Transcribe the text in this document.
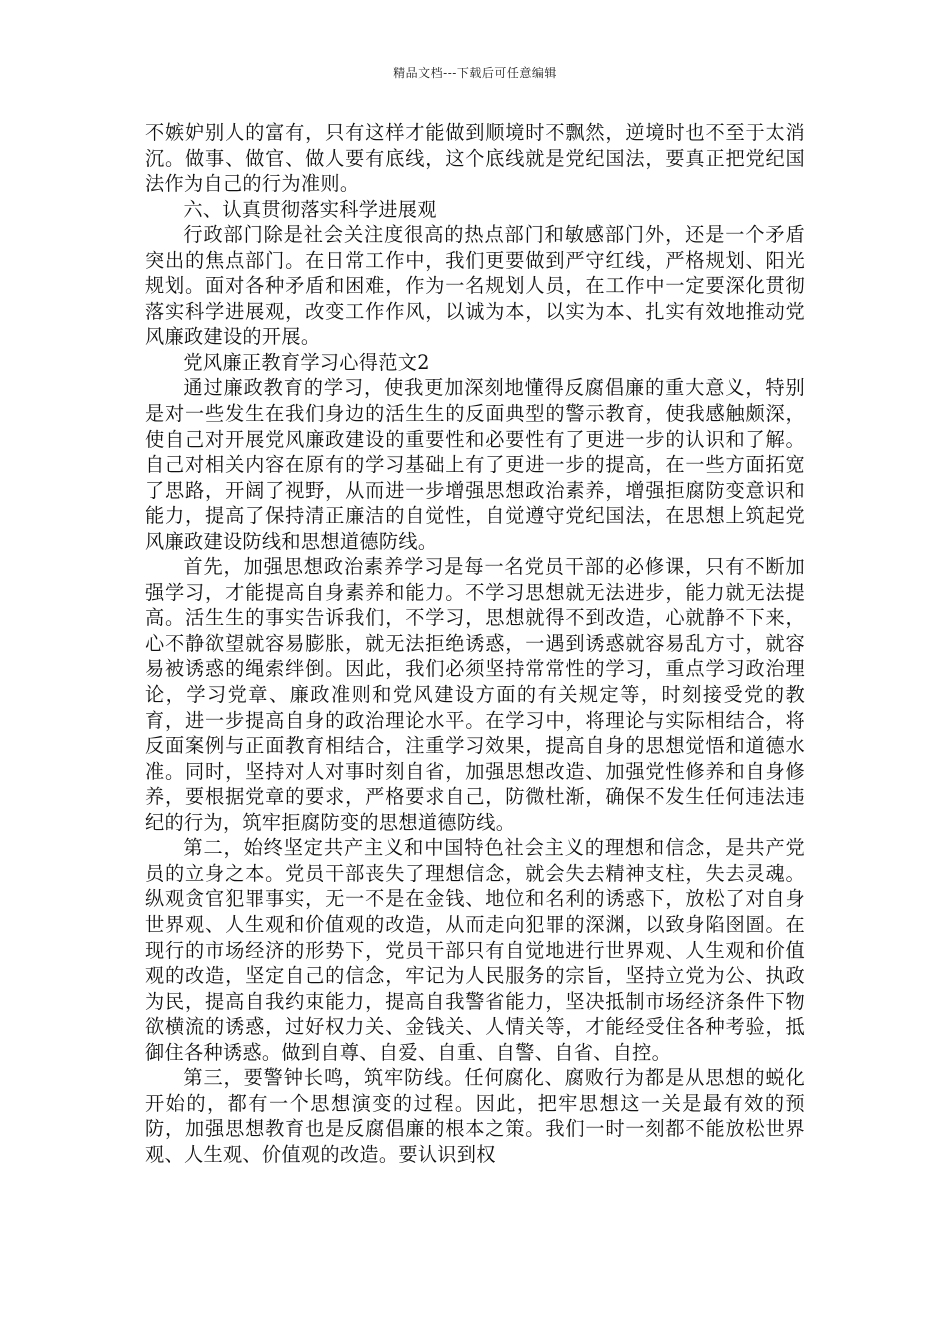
精品文档---下载后可任意编辑

不嫉妒别人的富有，只有这样才能做到顺境时不飘然，逆境时也不至于太消沉。做事、做官、做人要有底线，这个底线就是党纪国法，要真正把党纪国法作为自己的行为准则。

六、认真贯彻落实科学进展观

行政部门除是社会关注度很高的热点部门和敏感部门外，还是一个矛盾突出的焦点部门。在日常工作中，我们更要做到严守红线，严格规划、阳光规划。面对各种矛盾和困难，作为一名规划人员，在工作中一定要深化贯彻落实科学进展观，改变工作作风，以诚为本，以实为本、扎实有效地推动党风廉政建设的开展。

党风廉正教育学习心得范文2

通过廉政教育的学习，使我更加深刻地懂得反腐倡廉的重大意义，特别是对一些发生在我们身边的活生生的反面典型的警示教育，使我感触颇深，使自己对开展党风廉政建设的重要性和必要性有了更进一步的认识和了解。自己对相关内容在原有的学习基础上有了更进一步的提高，在一些方面拓宽了思路，开阔了视野，从而进一步增强思想政治素养，增强拒腐防变意识和能力，提高了保持清正廉洁的自觉性，自觉遵守党纪国法，在思想上筑起党风廉政建设防线和思想道德防线。

首先，加强思想政治素养学习是每一名党员干部的必修课，只有不断加强学习，才能提高自身素养和能力。不学习思想就无法进步，能力就无法提高。活生生的事实告诉我们，不学习，思想就得不到改造，心就静不下来，心不静欲望就容易膨胀，就无法拒绝诱惑，一遇到诱惑就容易乱方寸，就容易被诱惑的绳索绊倒。因此，我们必须坚持常常性的学习，重点学习政治理论，学习党章、廉政准则和党风建设方面的有关规定等，时刻接受党的教育，进一步提高自身的政治理论水平。在学习中，将理论与实际相结合，将反面案例与正面教育相结合，注重学习效果，提高自身的思想觉悟和道德水准。同时，坚持对人对事时刻自省，加强思想改造、加强党性修养和自身修养，要根据党章的要求，严格要求自己，防微杜渐，确保不发生任何违法违纪的行为，筑牢拒腐防变的思想道德防线。

第二，始终坚定共产主义和中国特色社会主义的理想和信念，是共产党员的立身之本。党员干部丧失了理想信念，就会失去精神支柱，失去灵魂。纵观贪官犯罪事实，无一不是在金钱、地位和名利的诱惑下，放松了对自身世界观、人生观和价值观的改造，从而走向犯罪的深渊，以致身陷囹圄。在现行的市场经济的形势下，党员干部只有自觉地进行世界观、人生观和价值观的改造，坚定自己的信念，牢记为人民服务的宗旨，坚持立党为公、执政为民，提高自我约束能力，提高自我警省能力，坚决抵制市场经济条件下物欲横流的诱惑，过好权力关、金钱关、人情关等，才能经受住各种考验，抵御住各种诱惑。做到自尊、自爱、自重、自警、自省、自控。

第三，要警钟长鸣，筑牢防线。任何腐化、腐败行为都是从思想的蜕化开始的，都有一个思想演变的过程。因此，把牢思想这一关是最有效的预防，加强思想教育也是反腐倡廉的根本之策。我们一时一刻都不能放松世界观、人生观、价值观的改造。要认识到权
